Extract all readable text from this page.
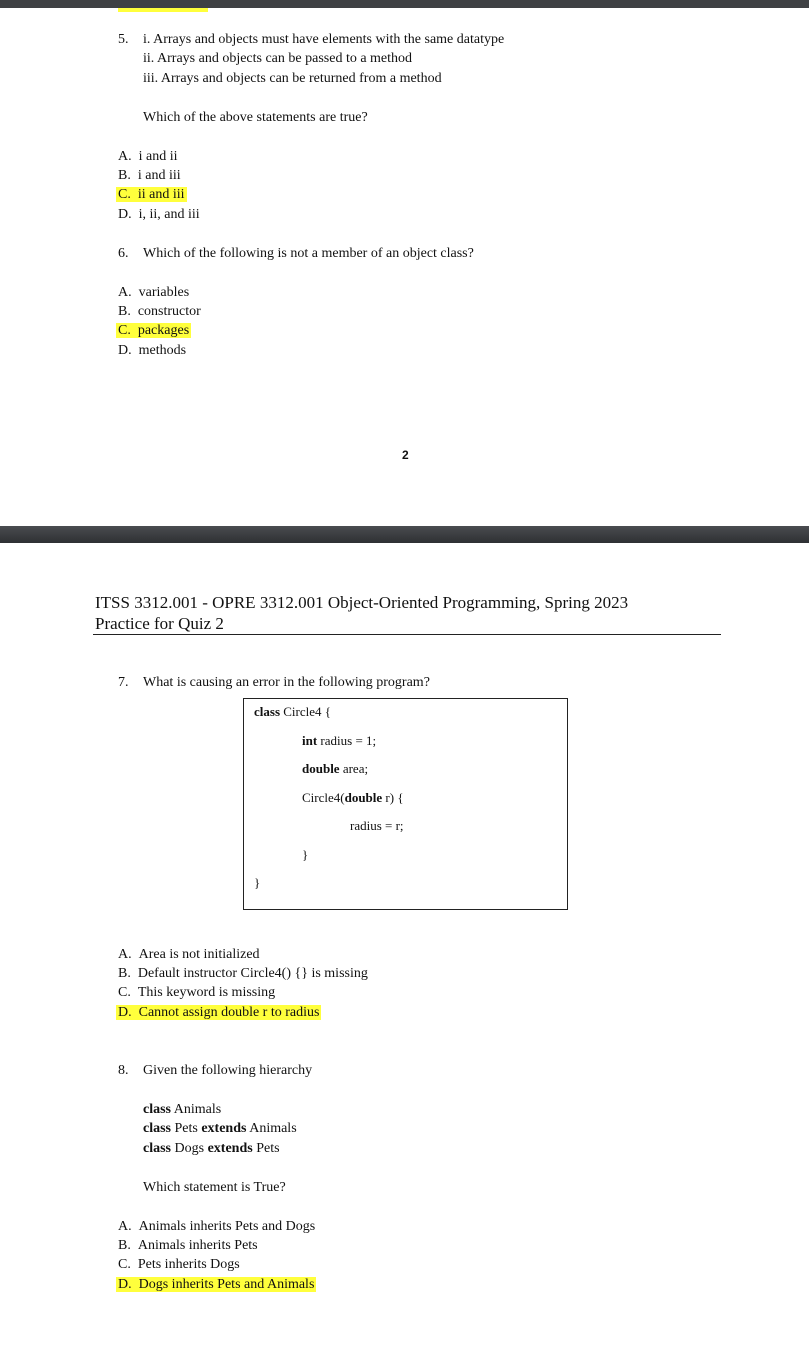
5. i. Arrays and objects must have elements with the same datatype
ii. Arrays and objects can be passed to a method
iii. Arrays and objects can be returned from a method
Which of the above statements are true?
A. i and ii
B. i and iii
C. ii and iii
D. i, ii, and iii
6. Which of the following is not a member of an object class?
A. variables
B. constructor
C. packages
D. methods
2
ITSS 3312.001 - OPRE 3312.001 Object-Oriented Programming, Spring 2023
Practice for Quiz 2
7. What is causing an error in the following program?
class Circle4 {
int radius = 1;
double area;
Circle4(double r) {
radius = r;
}
}
A. Area is not initialized
B. Default instructor Circle4() {} is missing
C. This keyword is missing
D. Cannot assign double r to radius
8. Given the following hierarchy
class Animals
class Pets extends Animals
class Dogs extends Pets
Which statement is True?
A. Animals inherits Pets and Dogs
B. Animals inherits Pets
C. Pets inherits Dogs
D. Dogs inherits Pets and Animals
